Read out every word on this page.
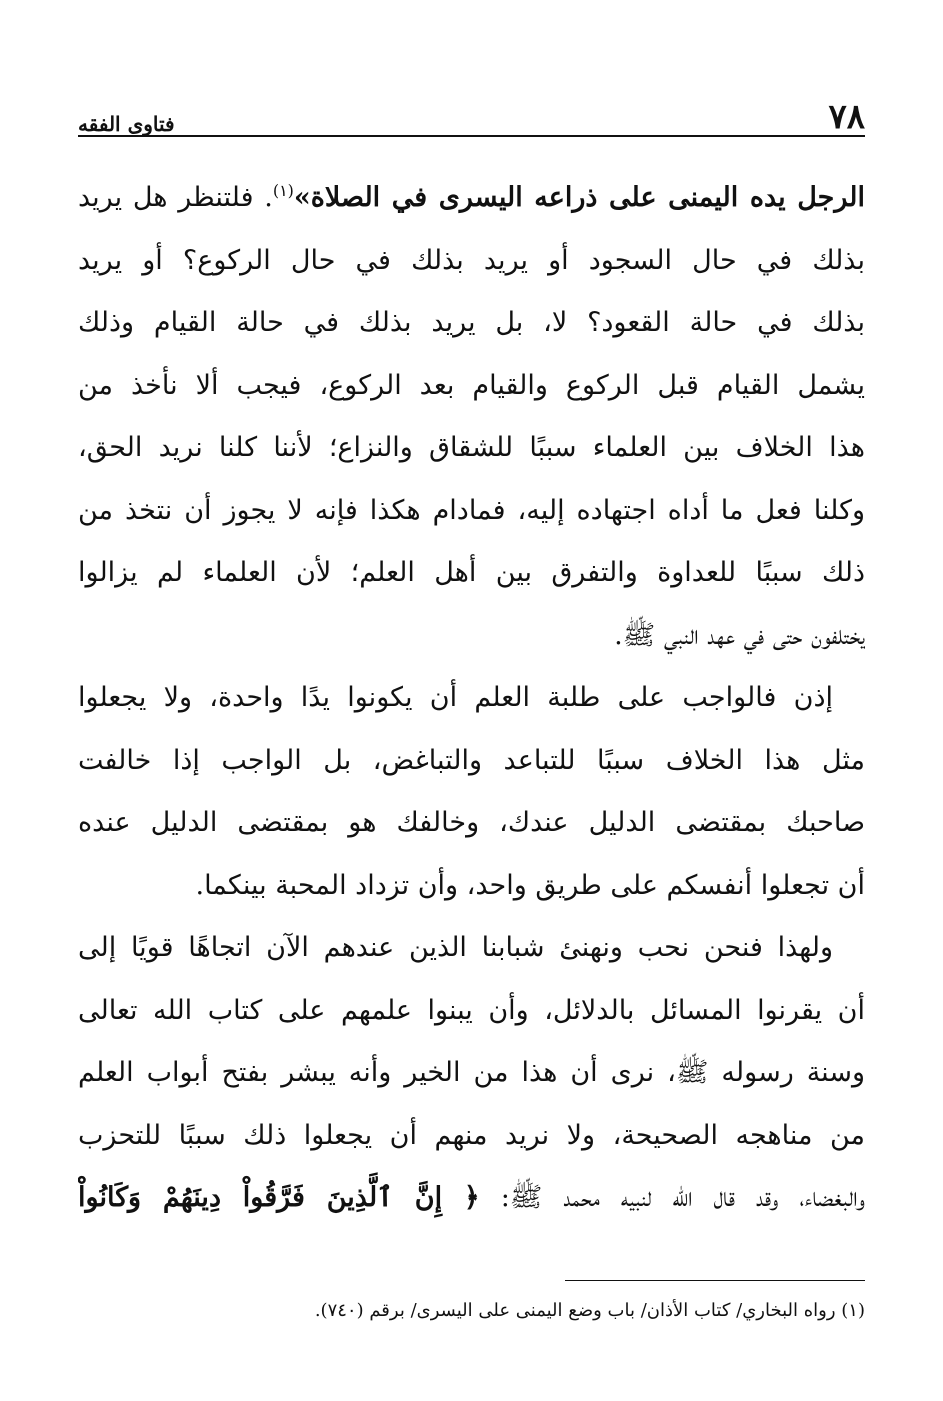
٧٨
فتاوى الفقه
الرجل يده اليمنى على ذراعه اليسرى في الصلاة»$^{(١)}$. فلتنظر هل يريد
بذلك في حال السجود أو يريد بذلك في حال الركوع؟ أو يريد
بذلك في حالة القعود؟ لا، بل يريد بذلك في حالة القيام وذلك
يشمل القيام قبل الركوع والقيام بعد الركوع، فيجب ألا نأخذ من
هذا الخلاف بين العلماء سببًا للشقاق والنزاع؛ لأننا كلنا نريد الحق،
وكلنا فعل ما أداه اجتهاده إليه، فمادام هكذا فإنه لا يجوز أن نتخذ من
ذلك سببًا للعداوة والتفرق بين أهل العلم؛ لأن العلماء لم يزالوا
يختلفون حتى في عهد النبي ﷺ.
إذن فالواجب على طلبة العلم أن يكونوا يدًا واحدة، ولا يجعلوا
مثل هذا الخلاف سببًا للتباعد والتباغض، بل الواجب إذا خالفت
صاحبك بمقتضى الدليل عندك، وخالفك هو بمقتضى الدليل عنده
أن تجعلوا أنفسكم على طريق واحد، وأن تزداد المحبة بينكما.
ولهذا فنحن نحب ونهنئ شبابنا الذين عندهم الآن اتجاهًا قويًا إلى
أن يقرنوا المسائل بالدلائل، وأن يبنوا علمهم على كتاب الله تعالى
وسنة رسوله ﷺ، نرى أن هذا من الخير وأنه يبشر بفتح أبواب العلم
من مناهجه الصحيحة، ولا نريد منهم أن يجعلوا ذلك سببًا للتحزب
والبغضاء، وقد قال الله لنبيه محمد ﷺ: ﴿ إِنَّ ٱلَّذِينَ فَرَّقُواْ دِينَهُمْ وَكَانُواْ
(١) رواه البخاري/ كتاب الأذان/ باب وضع اليمنى على اليسرى/ برقم (٧٤٠).
